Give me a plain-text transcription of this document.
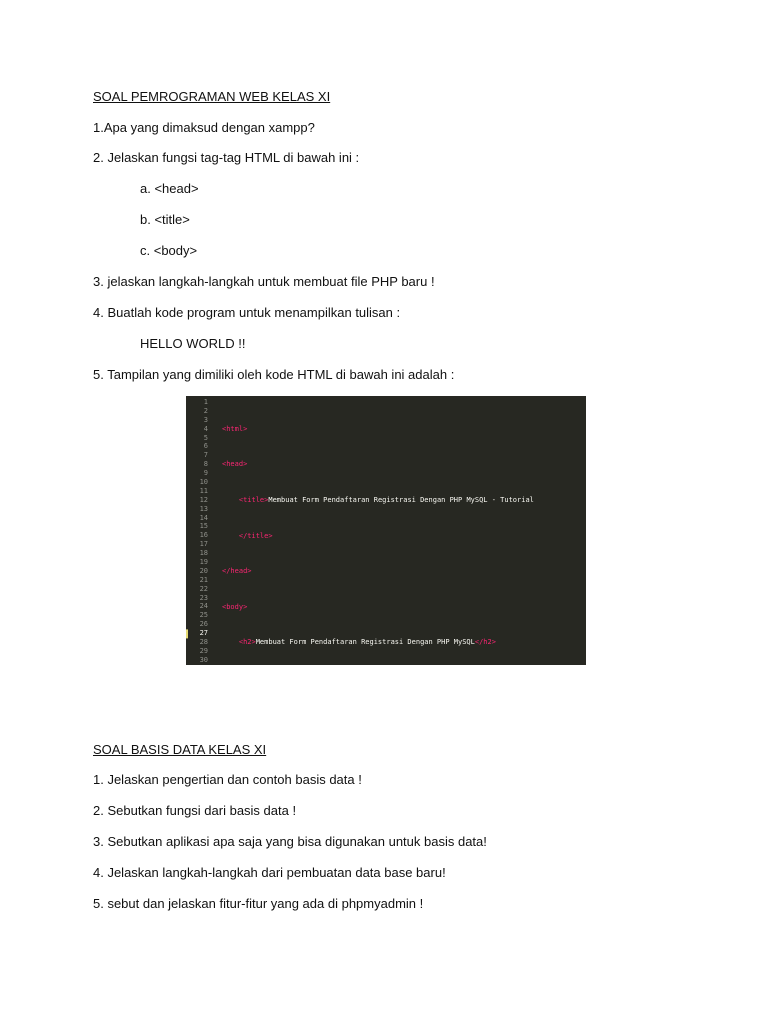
SOAL PEMROGRAMAN WEB KELAS XI
1.Apa yang dimaksud dengan xampp?
2. Jelaskan fungsi tag-tag HTML di bawah ini :
a. <head>
b. <title>
c. <body>
3. jelaskan langkah-langkah untuk membuat file PHP baru !
4. Buatlah kode program untuk menampilkan tulisan :
HELLO WORLD !!
5. Tampilan yang dimiliki oleh kode HTML di bawah ini adalah :
1
2
3
4
5
6
7
8
9
10
11
12
13
14
15
16
17
18
19
20
21
22
23
24
25
26
27
28
29
30

<html>

<head>

<title>Membuat Form Pendaftaran Registrasi Dengan PHP MySQL - Tutorial

</title>

</head>

<body>

<h2>Membuat Form Pendaftaran Registrasi Dengan PHP MySQL</h2>

SOAL BASIS DATA KELAS XI
1. Jelaskan pengertian dan contoh basis data !
2. Sebutkan fungsi dari basis data !
3. Sebutkan aplikasi apa saja yang bisa digunakan untuk basis data!
4. Jelaskan langkah-langkah dari pembuatan data base baru!
5. sebut dan jelaskan fitur-fitur yang ada di phpmyadmin !
